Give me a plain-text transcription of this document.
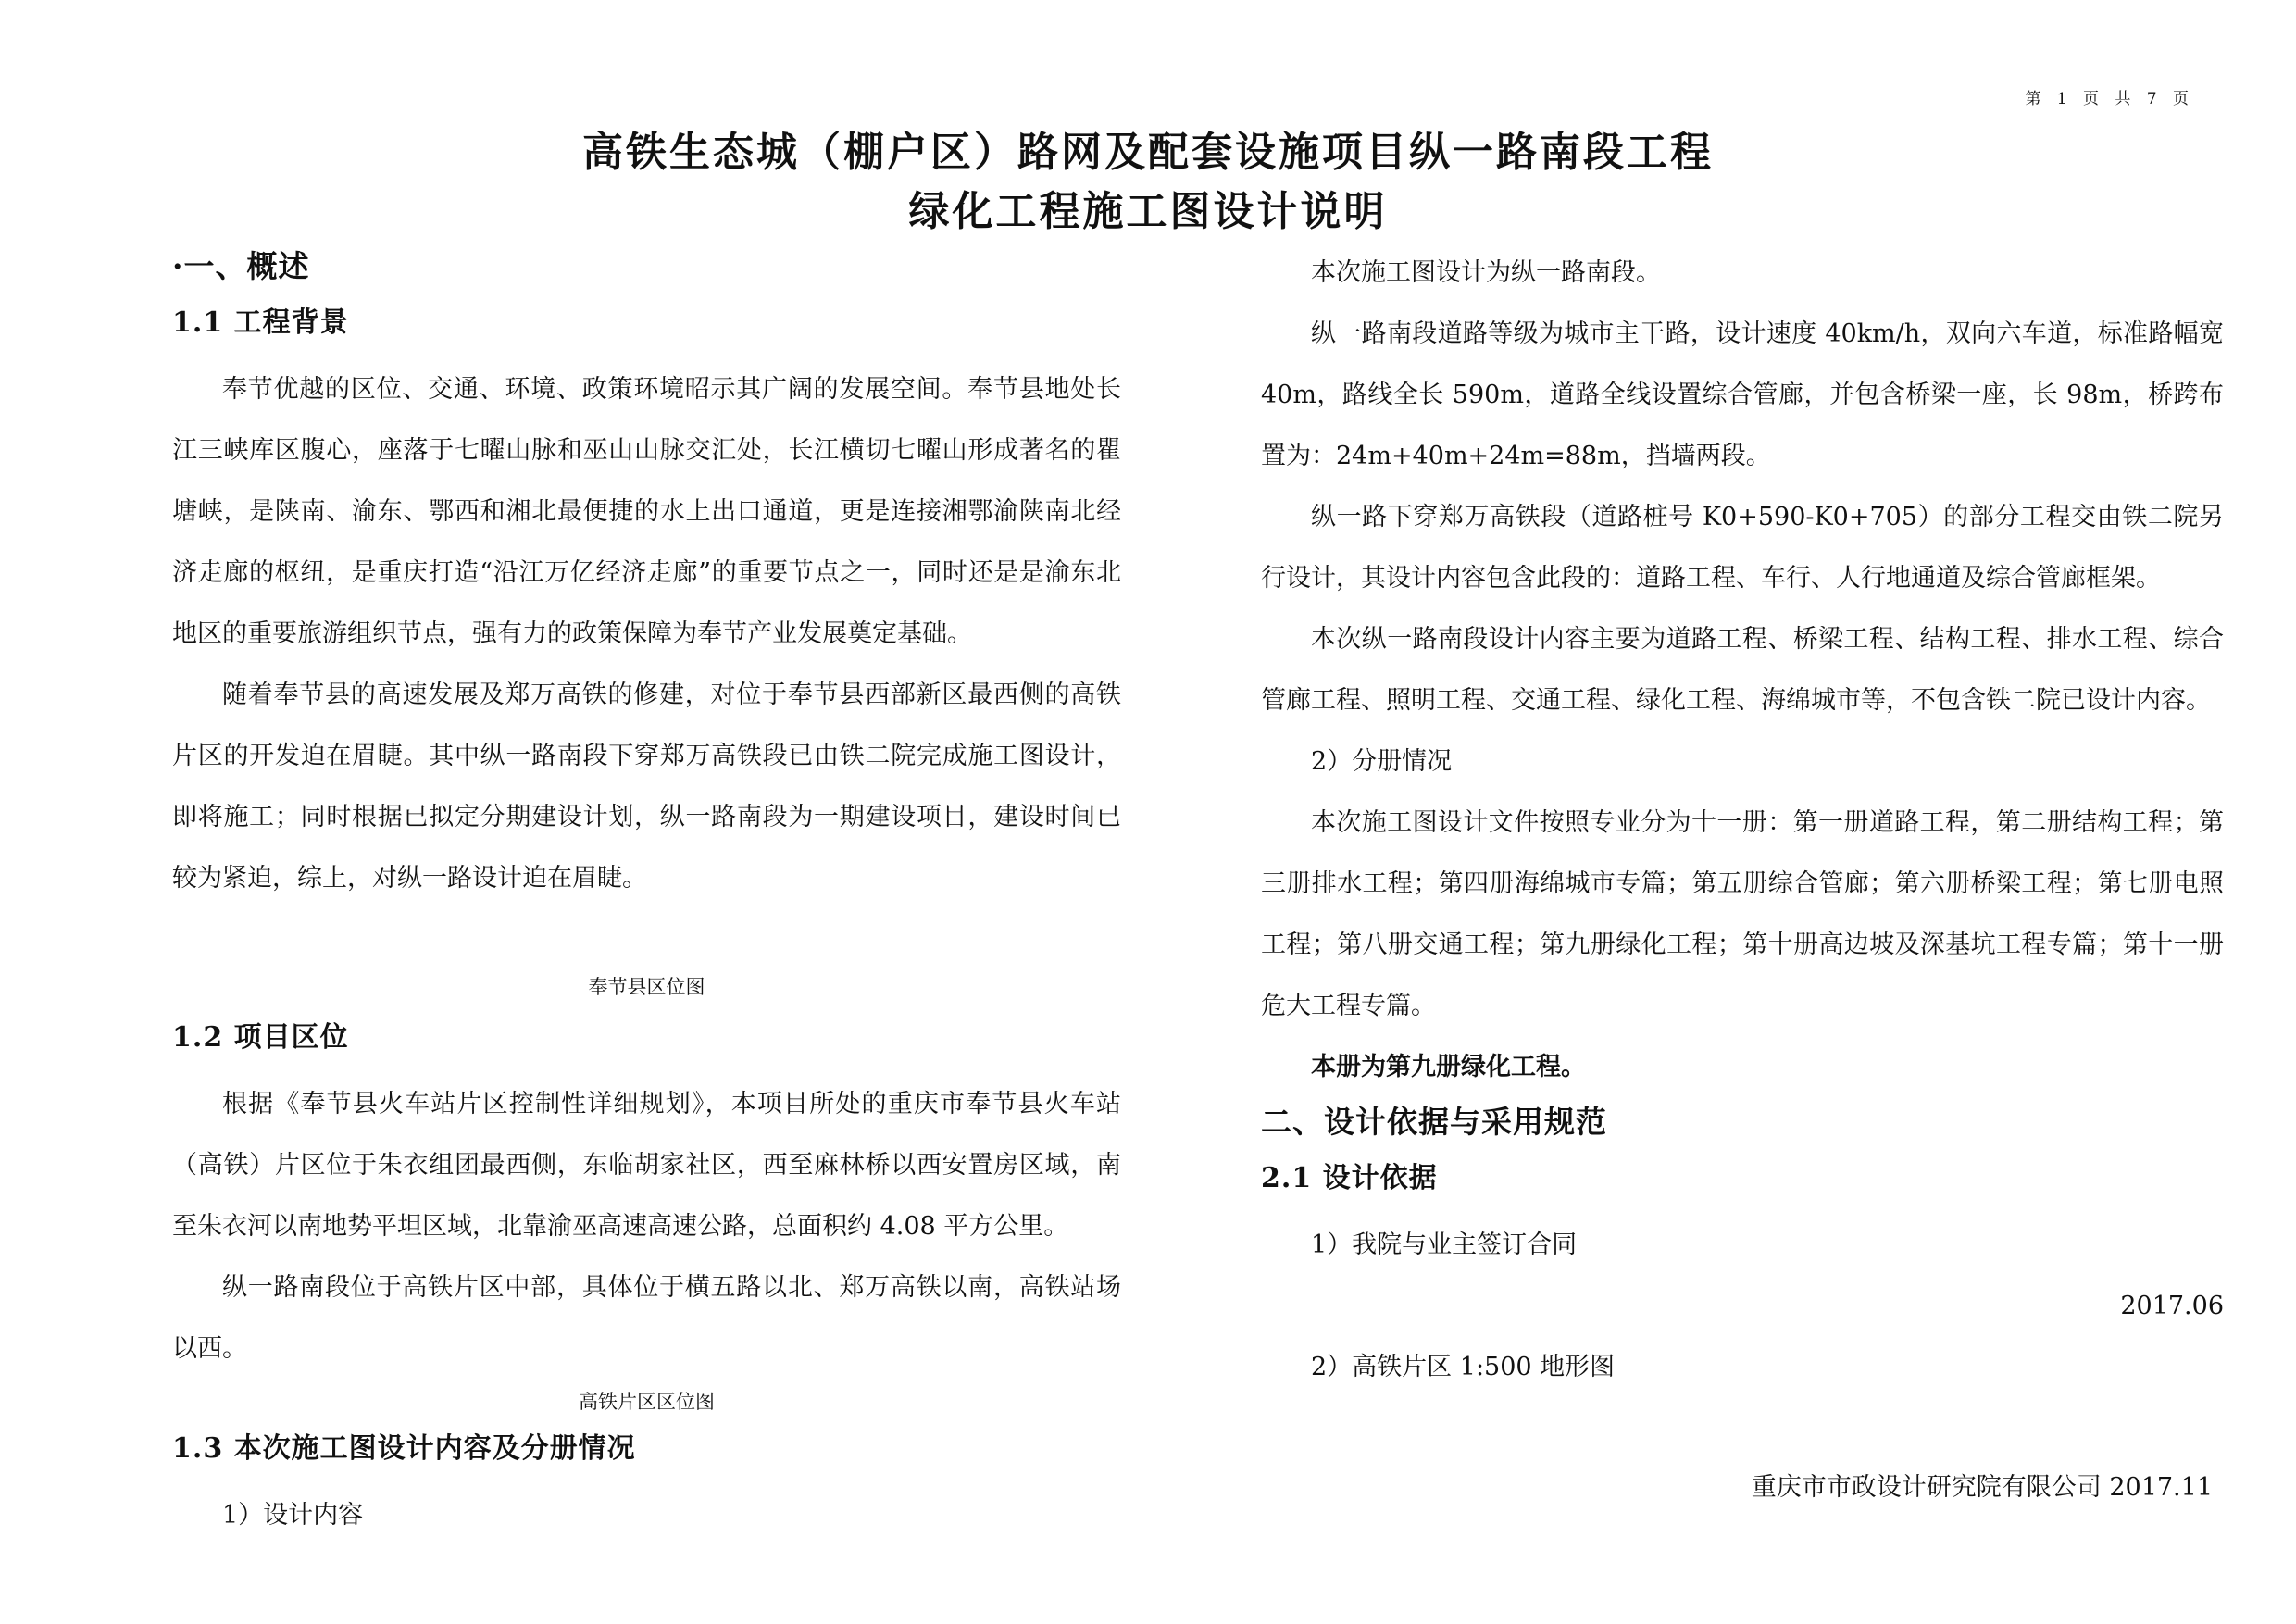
第 1 页 共 7 页
高铁生态城（棚户区）路网及配套设施项目纵一路南段工程
绿化工程施工图设计说明
·一、概述
1.1 工程背景

奉节优越的区位、交通、环境、政策环境昭示其广阔的发展空间。奉节县地处长江三峡库区腹心，座落于七曜山脉和巫山山脉交汇处，长江横切七曜山形成著名的瞿塘峡，是陕南、渝东、鄂西和湘北最便捷的水上出口通道，更是连接湘鄂渝陕南北经济走廊的枢纽，是重庆打造“沿江万亿经济走廊”的重要节点之一，同时还是是渝东北地区的重要旅游组织节点，强有力的政策保障为奉节产业发展奠定基础。

随着奉节县的高速发展及郑万高铁的修建，对位于奉节县西部新区最西侧的高铁片区的开发迫在眉睫。其中纵一路南段下穿郑万高铁段已由铁二院完成施工图设计，即将施工；同时根据已拟定分期建设计划，纵一路南段为一期建设项目，建设时间已较为紧迫，综上，对纵一路设计迫在眉睫。

奉节县区位图
1.2 项目区位

根据《奉节县火车站片区控制性详细规划》，本项目所处的重庆市奉节县火车站（高铁）片区位于朱衣组团最西侧，东临胡家社区，西至麻林桥以西安置房区域，南至朱衣河以南地势平坦区域，北靠渝巫高速高速公路，总面积约 4.08 平方公里。

纵一路南段位于高铁片区中部，具体位于横五路以北、郑万高铁以南，高铁站场以西。

高铁片区区位图
1.3 本次施工图设计内容及分册情况

1）设计内容

本次施工图设计为纵一路南段。

纵一路南段道路等级为城市主干路，设计速度 40km/h，双向六车道，标准路幅宽 40m，路线全长 590m，道路全线设置综合管廊，并包含桥梁一座，长 98m，桥跨布置为：24m+40m+24m=88m，挡墙两段。

纵一路下穿郑万高铁段（道路桩号 K0+590-K0+705）的部分工程交由铁二院另行设计，其设计内容包含此段的：道路工程、车行、人行地通道及综合管廊框架。

本次纵一路南段设计内容主要为道路工程、桥梁工程、结构工程、排水工程、综合管廊工程、照明工程、交通工程、绿化工程、海绵城市等，不包含铁二院已设计内容。

2）分册情况

本次施工图设计文件按照专业分为十一册：第一册道路工程，第二册结构工程；第三册排水工程；第四册海绵城市专篇；第五册综合管廊；第六册桥梁工程；第七册电照工程；第八册交通工程；第九册绿化工程；第十册高边坡及深基坑工程专篇；第十一册危大工程专篇。

本册为第九册绿化工程。

二、设计依据与采用规范
2.1 设计依据

1）我院与业主签订合同

2017.06

2）高铁片区 1:500 地形图

重庆市市政设计研究院有限公司 2017.11
